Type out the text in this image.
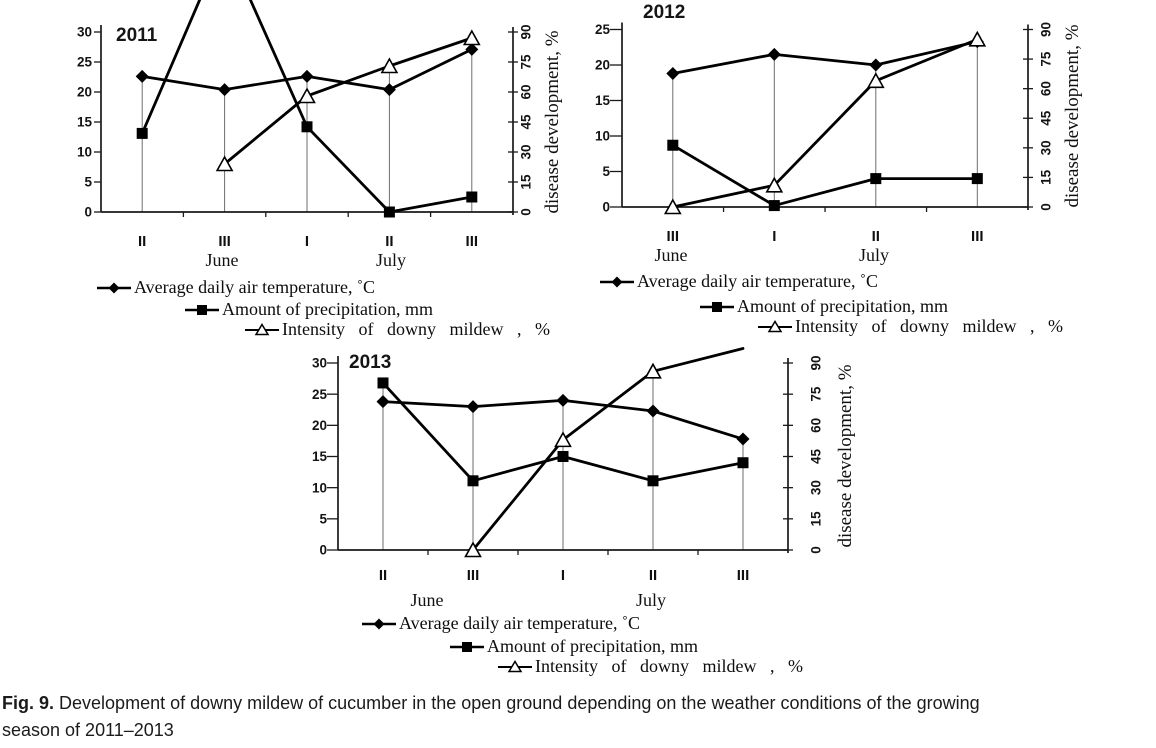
0
5
10
15
20
25
30
0
15
30
45
60
75
90
0
5
10
15
20
25
0
15
30
45
60
75
90
0
5
10
15
20
25
30
0
15
30
45
60
75
90
2011
2012
2013
disease development, %	disease development, %
disease development, %
Average daily air temperature, ˚C
Amount of precipitation, mm
Intensity of downy mildew , %
Average daily air temperature, ˚C
Amount of precipitation, mm
Intensity of downy mildew , %
Average daily air temperature, ˚C
Amount of precipitation, mm
Intensity of downy mildew , %
Fig. 9. Development of downy mildew of cucumber in the open ground depending on the weather conditions of the growing
season of 2011–2013
II	III	I	II	III
June	July
III	I	II	III
June	July
II	III	I	II	III
June	July
